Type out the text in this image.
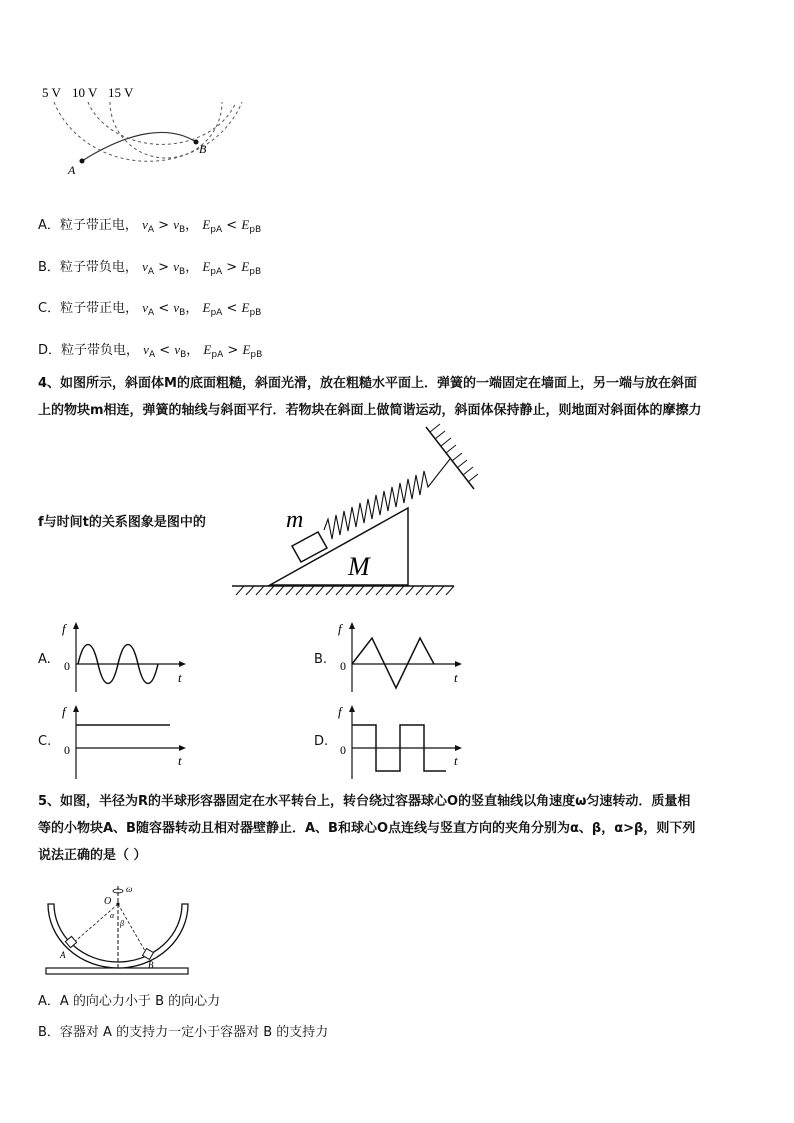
5 V 10 V 15 V
A
B
A．粒子带正电， $v_A > v_B$， $E_{pA} < E_{pB}$
B．粒子带负电， $v_A > v_B$， $E_{pA} > E_{pB}$
C．粒子带正电， $v_A < v_B$， $E_{pA} < E_{pB}$
D．粒子带负电， $v_A < v_B$， $E_{pA} > E_{pB}$
4、如图所示，斜面体M的底面粗糙，斜面光滑，放在粗糙水平面上．弹簧的一端固定在墙面上，另一端与放在斜面
上的物块m相连，弹簧的轴线与斜面平行．若物块在斜面上做简谐运动，斜面体保持静止，则地面对斜面体的摩擦力
f与时间t的关系图象是图中的	m
M
A.
f
0
t
B.
f
0
t
C.
f
0
t
D.
f
0
t
5、如图，半径为R的半球形容器固定在水平转台上，转台绕过容器球心O的竖直轴线以角速度ω匀速转动．质量相
等的小物块A、B随容器转动且相对器壁静止．A、B和球心O点连线与竖直方向的夹角分别为α、β，α>β，则下列
说法正确的是（ ）
ω
O
α
β
A
B
A．A 的向心力小于 B 的向心力
B．容器对 A 的支持力一定小于容器对 B 的支持力
